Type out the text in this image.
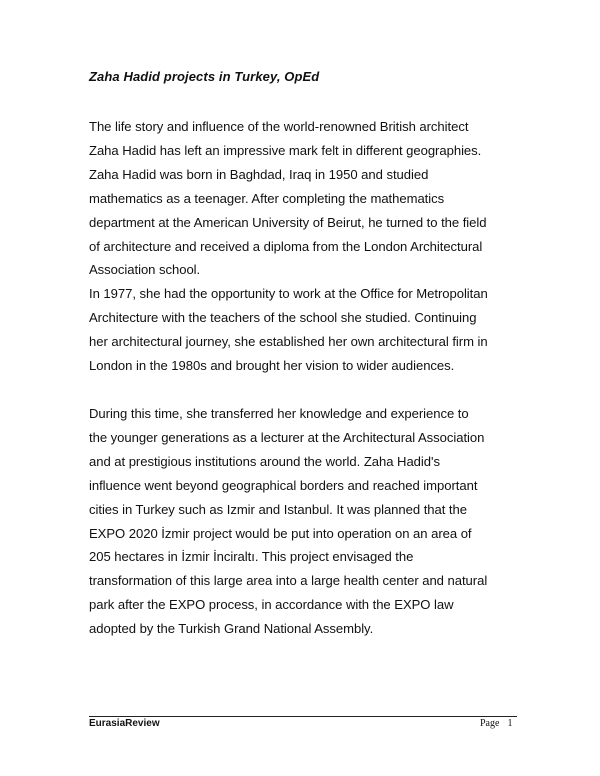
Zaha Hadid projects in Turkey, OpEd
The life story and influence of the world-renowned British architect
Zaha Hadid has left an impressive mark felt in different geographies.
Zaha Hadid was born in Baghdad, Iraq in 1950 and studied
mathematics as a teenager. After completing the mathematics
department at the American University of Beirut, he turned to the field
of architecture and received a diploma from the London Architectural
Association school.
In 1977, she had the opportunity to work at the Office for Metropolitan
Architecture with the teachers of the school she studied. Continuing
her architectural journey, she established her own architectural firm in
London in the 1980s and brought her vision to wider audiences.
During this time, she transferred her knowledge and experience to
the younger generations as a lecturer at the Architectural Association
and at prestigious institutions around the world. Zaha Hadid's
influence went beyond geographical borders and reached important
cities in Turkey such as Izmir and Istanbul. It was planned that the
EXPO 2020 İzmir project would be put into operation on an area of
205 hectares in İzmir İnciraltı. This project envisaged the
transformation of this large area into a large health center and natural
park after the EXPO process, in accordance with the EXPO law
adopted by the Turkish Grand National Assembly.
EurasiaReview	Page 1
